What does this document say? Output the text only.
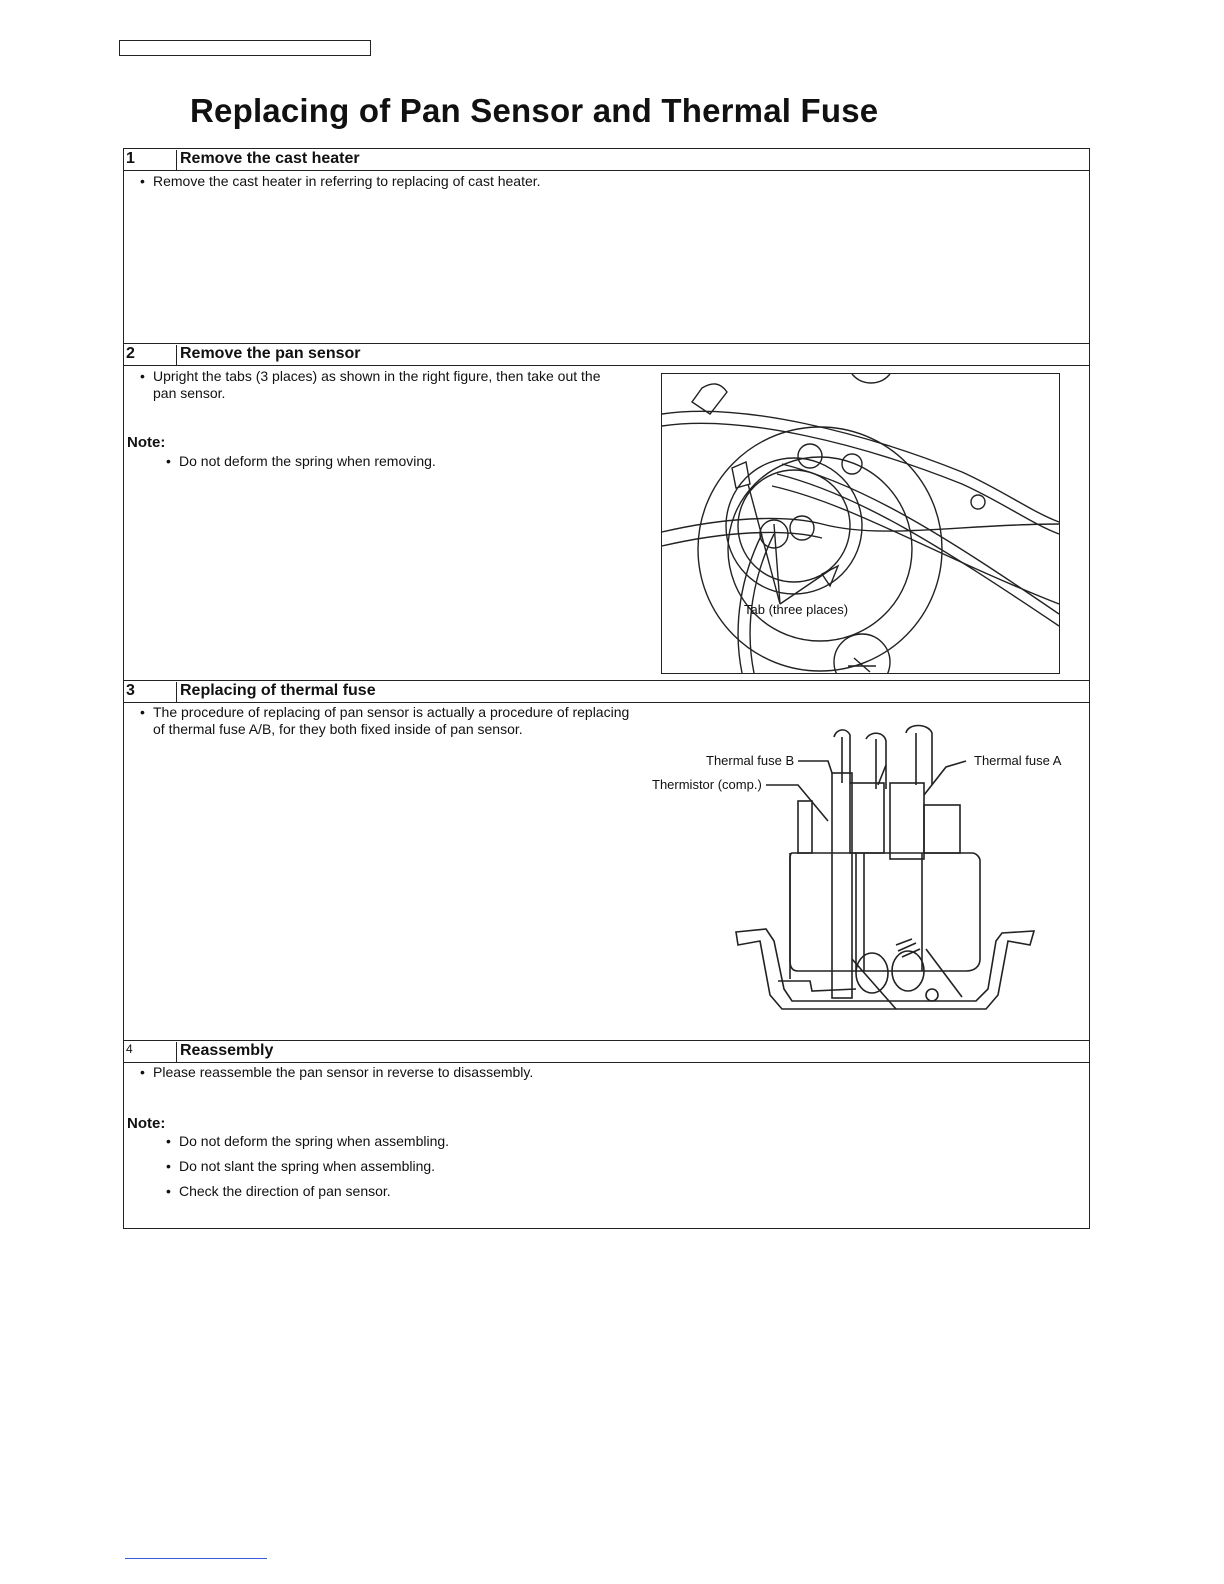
Replacing of Pan Sensor and Thermal Fuse
1	Remove the cast heater
• Remove the cast heater in referring to replacing of cast heater.
2	Remove the pan sensor
• Upright the tabs (3 places) as shown in the right figure, then take out the pan sensor.
Note:
• Do not deform the spring when removing.
Tab (three places)
3	Replacing of thermal fuse
• The procedure of replacing of pan sensor is actually a procedure of replacing of thermal fuse A/B, for they both fixed inside of pan sensor.
Thermal fuse B	Thermal fuse A
Thermistor (comp.)
4	Reassembly
• Please reassemble the pan sensor in reverse to disassembly.
Note:
• Do not deform the spring when assembling.
• Do not slant the spring when assembling.
• Check the direction of pan sensor.
